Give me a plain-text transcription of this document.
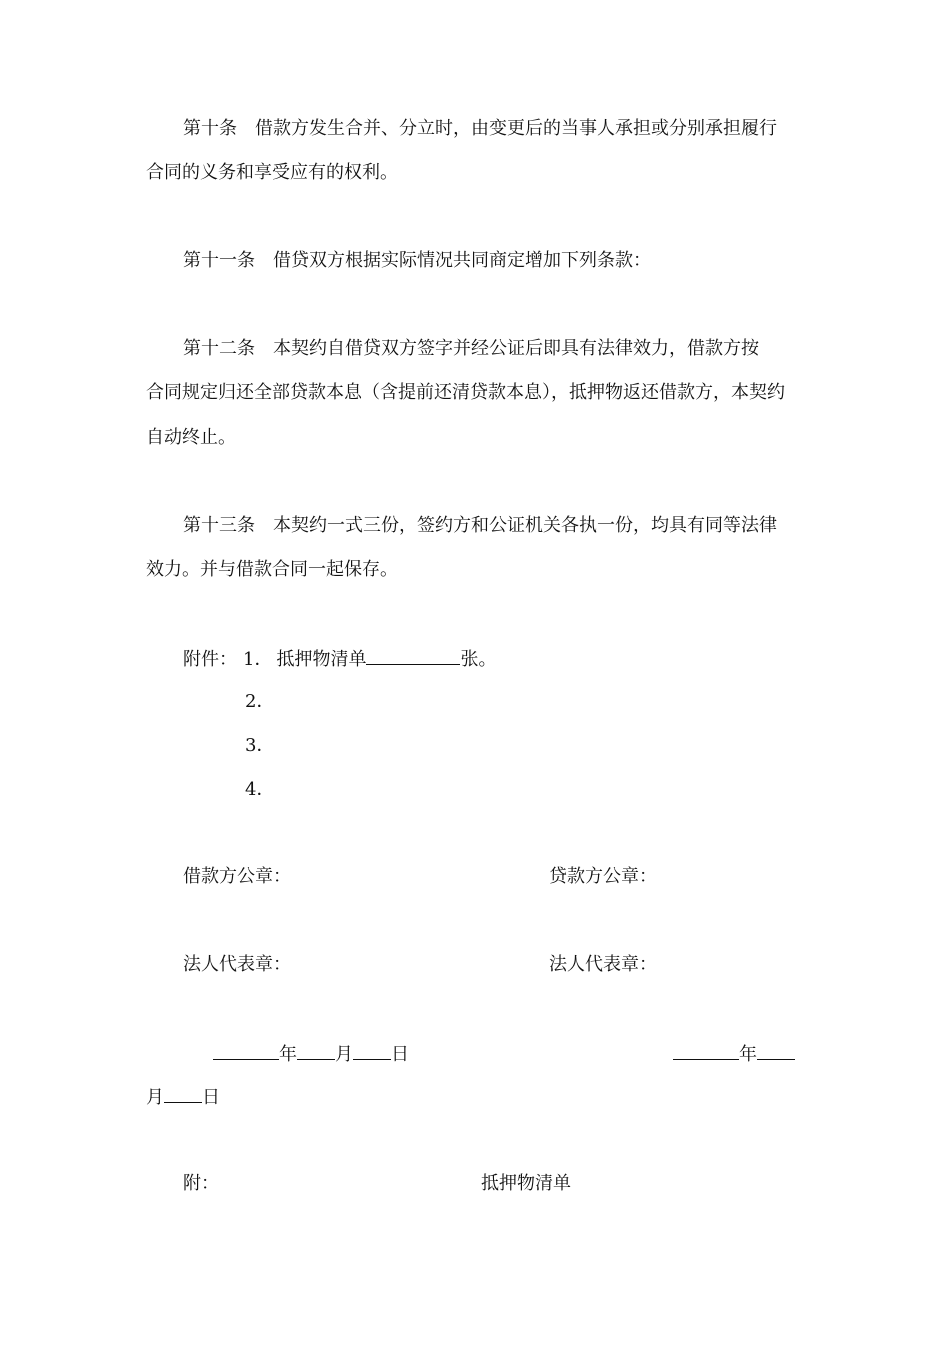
第十条　借款方发生合并、分立时，由变更后的当事人承担或分别承担履行
合同的义务和享受应有的权利。
第十一条　借贷双方根据实际情况共同商定增加下列条款：
第十二条　本契约自借贷双方签字并经公证后即具有法律效力，借款方按
合同规定归还全部贷款本息（含提前还清贷款本息），抵押物返还借款方，本契约
自动终止。
第十三条　本契约一式三份，签约方和公证机关各执一份，均具有同等法律
效力。并与借款合同一起保存。
附件： 1． 抵押物清单	张。
2．
3．
4．
借款方公章：	贷款方公章：
法人代表章：	法人代表章：
年 月 日	年
月 日
附：	抵押物清单
